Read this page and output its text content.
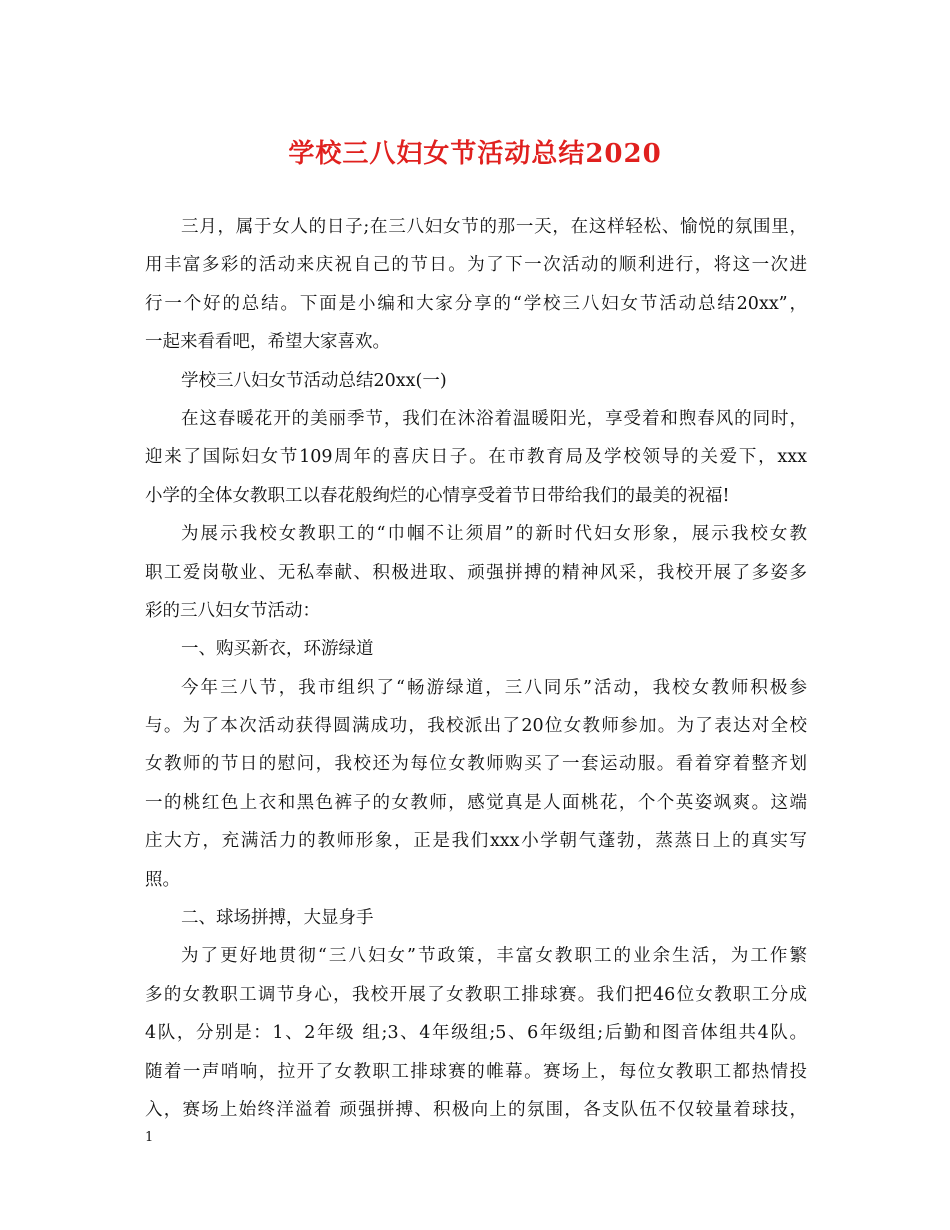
学校三八妇女节活动总结2020
三月，属于女人的日子;在三八妇女节的那一天，在这样轻松、愉悦的氛围里，
用丰富多彩的活动来庆祝自己的节日。为了下一次活动的顺利进行，将这一次进
行一个好的总结。下面是小编和大家分享的“学校三八妇女节活动总结20xx”，
一起来看看吧，希望大家喜欢。
学校三八妇女节活动总结20xx(一)
在这春暖花开的美丽季节，我们在沐浴着温暖阳光，享受着和煦春风的同时，
迎来了国际妇女节109周年的喜庆日子。在市教育局及学校领导的关爱下，xxx
小学的全体女教职工以春花般绚烂的心情享受着节日带给我们的最美的祝福!
为展示我校女教职工的“巾帼不让须眉”的新时代妇女形象，展示我校女教
职工爱岗敬业、无私奉献、积极进取、顽强拼搏的精神风采，我校开展了多姿多
彩的三八妇女节活动：
一、购买新衣，环游绿道
今年三八节，我市组织了“畅游绿道，三八同乐”活动，我校女教师积极参
与。为了本次活动获得圆满成功，我校派出了20位女教师参加。为了表达对全校
女教师的节日的慰问，我校还为每位女教师购买了一套运动服。看着穿着整齐划
一的桃红色上衣和黑色裤子的女教师，感觉真是人面桃花，个个英姿飒爽。这端
庄大方，充满活力的教师形象，正是我们xxx小学朝气蓬勃，蒸蒸日上的真实写
照。
二、球场拼搏，大显身手
为了更好地贯彻“三八妇女”节政策，丰富女教职工的业余生活，为工作繁
多的女教职工调节身心，我校开展了女教职工排球赛。我们把46位女教职工分成
4队，分别是：1、2年级 组;3、4年级组;5、6年级组;后勤和图音体组共4队。
随着一声哨响，拉开了女教职工排球赛的帷幕。赛场上，每位女教职工都热情投
入，赛场上始终洋溢着 顽强拼搏、积极向上的氛围，各支队伍不仅较量着球技，
1
